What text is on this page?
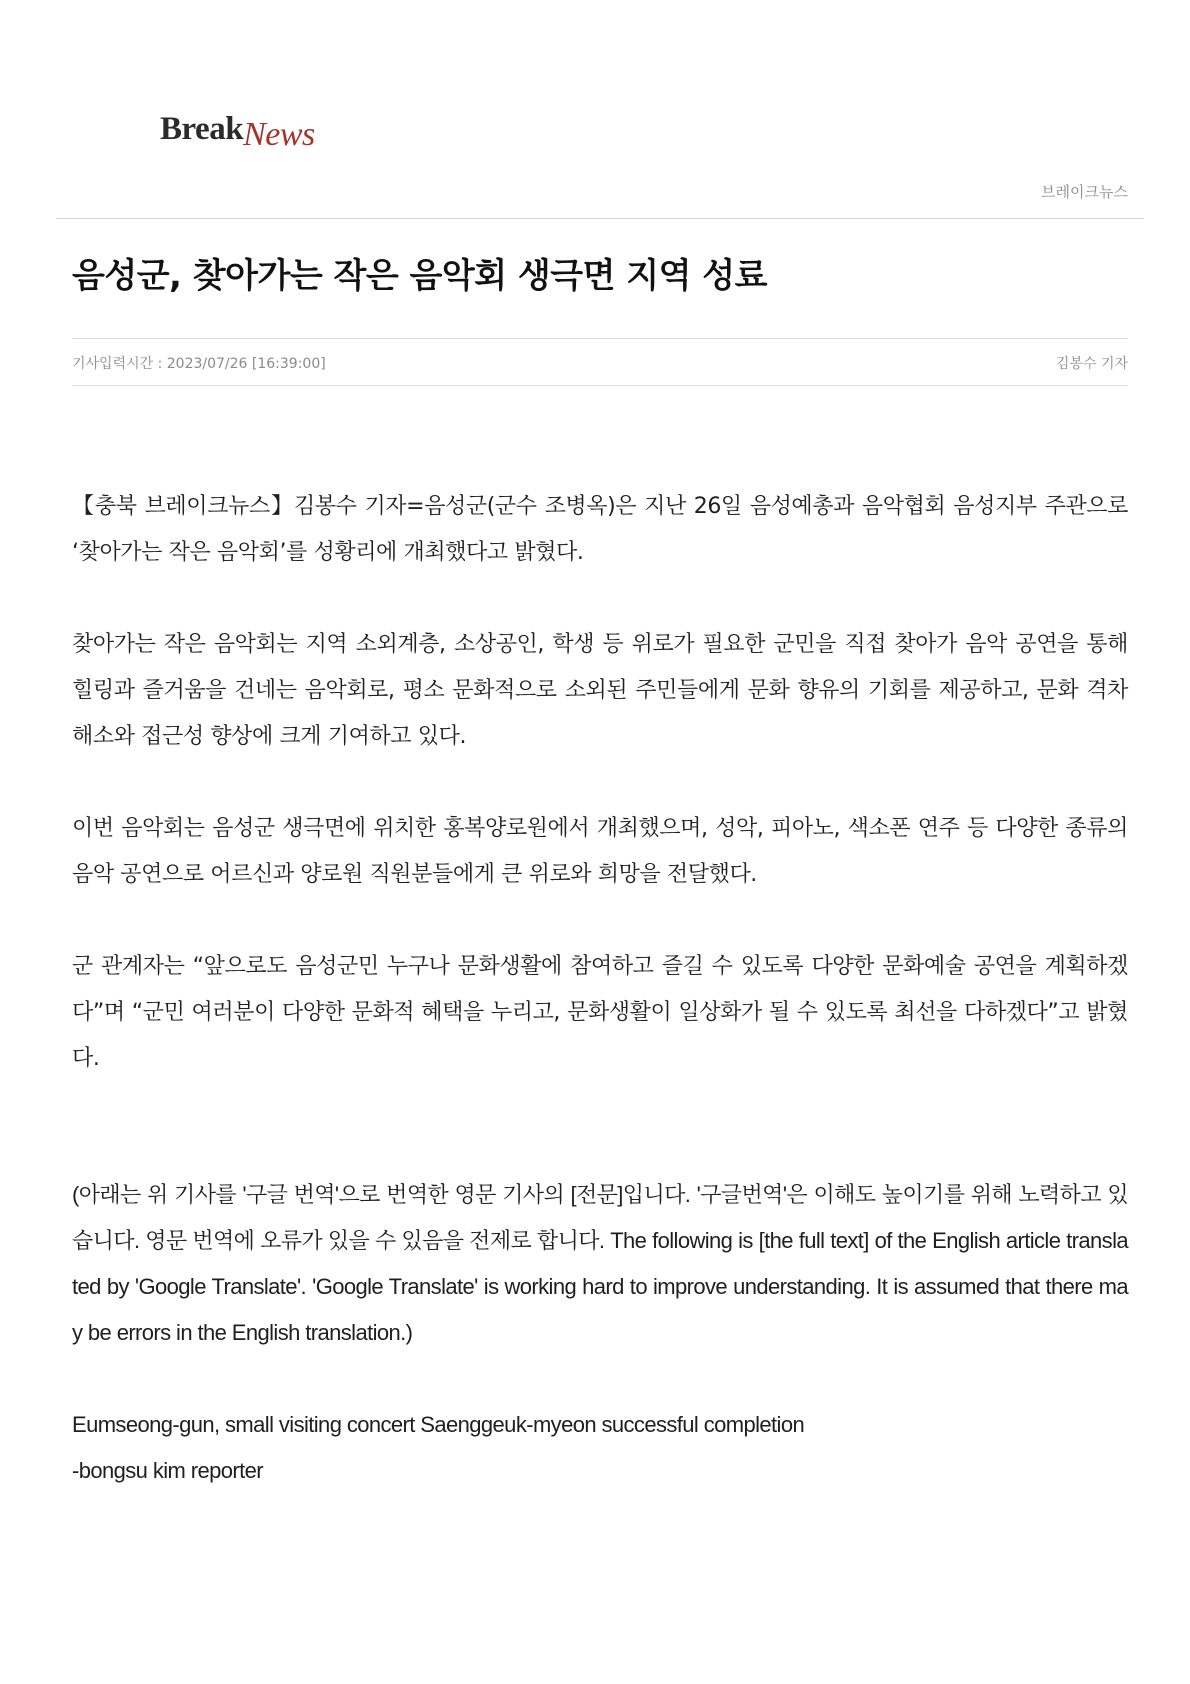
BreakNews
브레이크뉴스
음성군, 찾아가는 작은 음악회 생극면 지역 성료
기사입력시간 : 2023/07/26 [16:39:00]	김봉수 기자

【충북 브레이크뉴스】김봉수 기자=음성군(군수 조병옥)은 지난 26일 음성예총과 음악협회 음성지부 주관으로 ‘찾아가는 작은 음악회’를 성황리에 개최했다고 밝혔다.

찾아가는 작은 음악회는 지역 소외계층, 소상공인, 학생 등 위로가 필요한 군민을 직접 찾아가 음악 공연을 통해 힐링과 즐거움을 건네는 음악회로, 평소 문화적으로 소외된 주민들에게 문화 향유의 기회를 제공하고, 문화 격차 해소와 접근성 향상에 크게 기여하고 있다.

이번 음악회는 음성군 생극면에 위치한 홍복양로원에서 개최했으며, 성악, 피아노, 색소폰 연주 등 다양한 종류의 음악 공연으로 어르신과 양로원 직원분들에게 큰 위로와 희망을 전달했다.

군 관계자는 “앞으로도 음성군민 누구나 문화생활에 참여하고 즐길 수 있도록 다양한 문화예술 공연을 계획하겠다”며 “군민 여러분이 다양한 문화적 혜택을 누리고, 문화생활이 일상화가 될 수 있도록 최선을 다하겠다”고 밝혔다.

(아래는 위 기사를 '구글 번역'으로 번역한 영문 기사의 [전문]입니다. '구글번역'은 이해도 높이기를 위해 노력하고 있습니다. 영문 번역에 오류가 있을 수 있음을 전제로 합니다. The following is [the full text] of the English article translated by 'Google Translate'. 'Google Translate' is working hard to improve understanding. It is assumed that there may be errors in the English translation.)

Eumseong-gun, small visiting concert Saenggeuk-myeon successful completion

-bongsu kim reporter
